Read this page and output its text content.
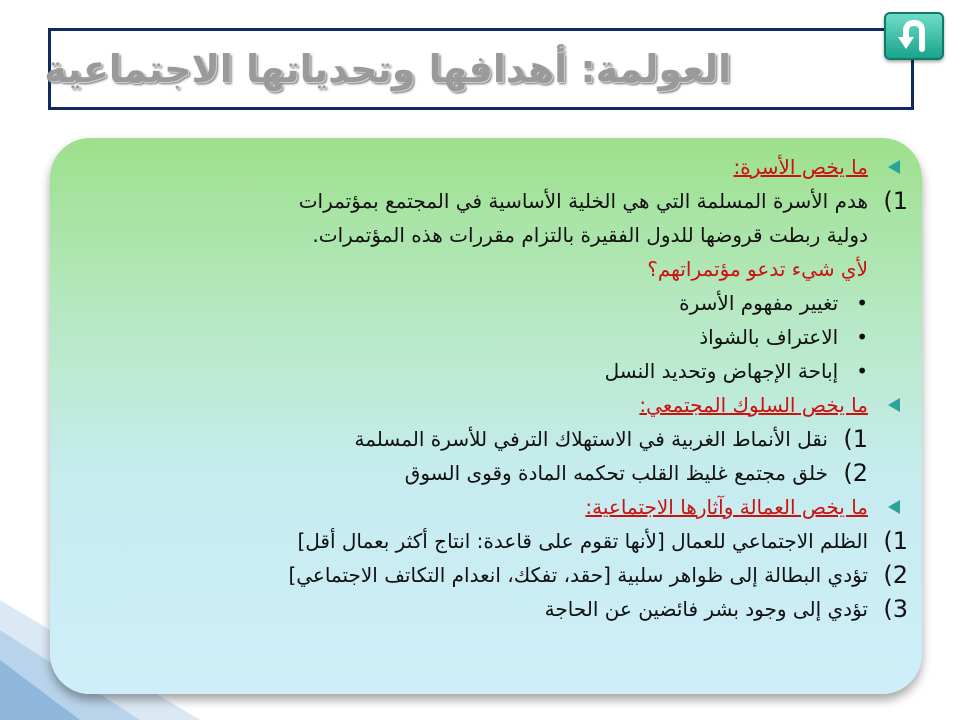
العولمة: أهدافها وتحدياتها الاجتماعية
ما يخص الأسرة:
1)
هدم الأسرة المسلمة التي هي الخلية الأساسية في المجتمع بمؤتمرات
دولية ربطت قروضها للدول الفقيرة بالتزام مقررات هذه المؤتمرات.
لأي شيء تدعو مؤتمراتهم؟
•
تغيير مفهوم الأسرة
•
الاعتراف بالشواذ
•
إباحة الإجهاض وتحديد النسل
ما يخص السلوك المجتمعي:
1)
نقل الأنماط الغربية في الاستهلاك الترفي للأسرة المسلمة
2)
خلق مجتمع غليظ القلب تحكمه المادة وقوى السوق
ما يخص العمالة وآثارها الاجتماعية:
1)
الظلم الاجتماعي للعمال [لأنها تقوم على قاعدة: انتاج أكثر بعمال أقل]
2)
تؤدي البطالة إلى ظواهر سلبية [حقد، تفكك، انعدام التكاتف الاجتماعي]
3)
تؤدي إلى وجود بشر فائضين عن الحاجة
